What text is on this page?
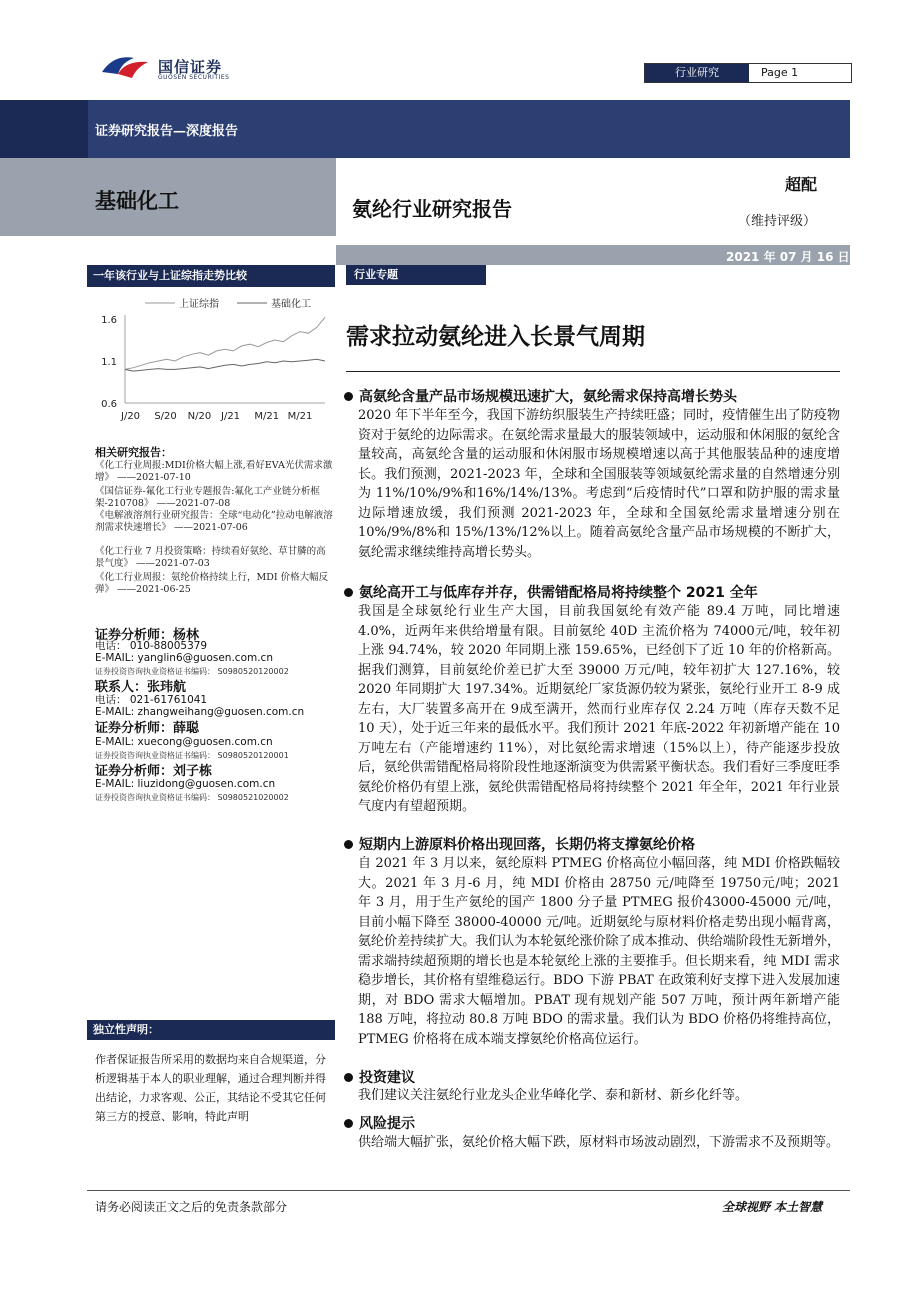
国信证券
GUOSEN SECURITIES	行业研究	Page 1
证券研究报告—深度报告
基础化工	氨纶行业研究报告
超配
（维持评级）
2021 年 07 月 16 日
一年该行业与上证综指走势比较
上证综指	基础化工
1.6
1.1
0.6
J/20 S/20 N/20 J/21 M/21 M/21
相关研究报告：
《化工行业周报:MDI价格大幅上涨,看好EVA光伏需求激增》 ——2021-07-10
《国信证券-氟化工行业专题报告:氟化工产业链分析框架-210708》 ——2021-07-08
《电解液溶剂行业研究报告：全球“电动化”拉动电解液溶剂需求快速增长》 ——2021-07-06
《化工行业 7 月投资策略：持续看好氨纶、草甘膦的高景气度》 ——2021-07-03
《化工行业周报：氨纶价格持续上行，MDI 价格大幅反弹》 ——2021-06-25
证券分析师：杨林
电话： 010-88005379
E-MAIL: yanglin6@guosen.com.cn
证券投资咨询执业资格证书编码： S0980520120002
联系人：张玮航
电话： 021-61761041
E-MAIL: zhangweihang@guosen.com.cn
证券分析师：薛聪
E-MAIL: xuecong@guosen.com.cn
证券投资咨询执业资格证书编码： S0980520120001
证券分析师：刘子栋
E-MAIL: liuzidong@guosen.com.cn
证券投资咨询执业资格证书编码： S0980521020002
独立性声明：
作者保证报告所采用的数据均来自合规渠道，分析逻辑基于本人的职业理解，通过合理判断并得出结论，力求客观、公正，其结论不受其它任何第三方的授意、影响，特此声明
行业专题
需求拉动氨纶进入长景气周期
高氨纶含量产品市场规模迅速扩大，氨纶需求保持高增长势头
2020 年下半年至今，我国下游纺织服装生产持续旺盛；同时，疫情催生出了防疫物资对于氨纶的边际需求。在氨纶需求量最大的服装领域中，运动服和休闲服的氨纶含量较高，高氨纶含量的运动服和休闲服市场规模增速以高于其他服装品种的速度增长。我们预测，2021-2023 年，全球和全国服装等领域氨纶需求量的自然增速分别为 11%/10%/9%和16%/14%/13%。考虑到“后疫情时代”口罩和防护服的需求量边际增速放缓，我们预测 2021-2023 年，全球和全国氨纶需求量增速分别在10%/9%/8%和 15%/13%/12%以上。随着高氨纶含量产品市场规模的不断扩大，氨纶需求继续维持高增长势头。
氨纶高开工与低库存并存，供需错配格局将持续整个 2021 全年
我国是全球氨纶行业生产大国，目前我国氨纶有效产能 89.4 万吨，同比增速 4.0%，近两年来供给增量有限。目前氨纶 40D 主流价格为 74000元/吨，较年初上涨 94.74%，较 2020 年同期上涨 159.65%，已经创下了近 10 年的价格新高。据我们测算，目前氨纶价差已扩大至 39000 万元/吨，较年初扩大 127.16%，较 2020 年同期扩大 197.34%。近期氨纶厂家货源仍较为紧张，氨纶行业开工 8-9 成左右，大厂装置多高开在 9成至满开，然而行业库存仅 2.24 万吨（库存天数不足 10 天），处于近三年来的最低水平。我们预计 2021 年底-2022 年初新增产能在 10 万吨左右（产能增速约 11%），对比氨纶需求增速（15%以上），待产能逐步投放后，氨纶供需错配格局将阶段性地逐渐演变为供需紧平衡状态。我们看好三季度旺季氨纶价格仍有望上涨，氨纶供需错配格局将持续整个 2021 年全年，2021 年行业景气度内有望超预期。
短期内上游原料价格出现回落，长期仍将支撑氨纶价格
自 2021 年 3 月以来，氨纶原料 PTMEG 价格高位小幅回落，纯 MDI 价格跌幅较大。2021 年 3 月-6 月，纯 MDI 价格由 28750 元/吨降至 19750元/吨；2021 年 3 月，用于生产氨纶的国产 1800 分子量 PTMEG 报价43000-45000 元/吨，目前小幅下降至 38000-40000 元/吨。近期氨纶与原材料价格走势出现小幅背离，氨纶价差持续扩大。我们认为本轮氨纶涨价除了成本推动、供给端阶段性无新增外，需求端持续超预期的增长也是本轮氨纶上涨的主要推手。但长期来看，纯 MDI 需求稳步增长，其价格有望维稳运行。BDO 下游 PBAT 在政策利好支撑下进入发展加速期，对 BDO 需求大幅增加。PBAT 现有规划产能 507 万吨，预计两年新增产能 188 万吨，将拉动 80.8 万吨 BDO 的需求量。我们认为 BDO 价格仍将维持高位，PTMEG 价格将在成本端支撑氨纶价格高位运行。
投资建议
我们建议关注氨纶行业龙头企业华峰化学、泰和新材、新乡化纤等。
风险提示
供给端大幅扩张，氨纶价格大幅下跌，原材料市场波动剧烈，下游需求不及预期等。
请务必阅读正文之后的免责条款部分	全球视野 本土智慧
